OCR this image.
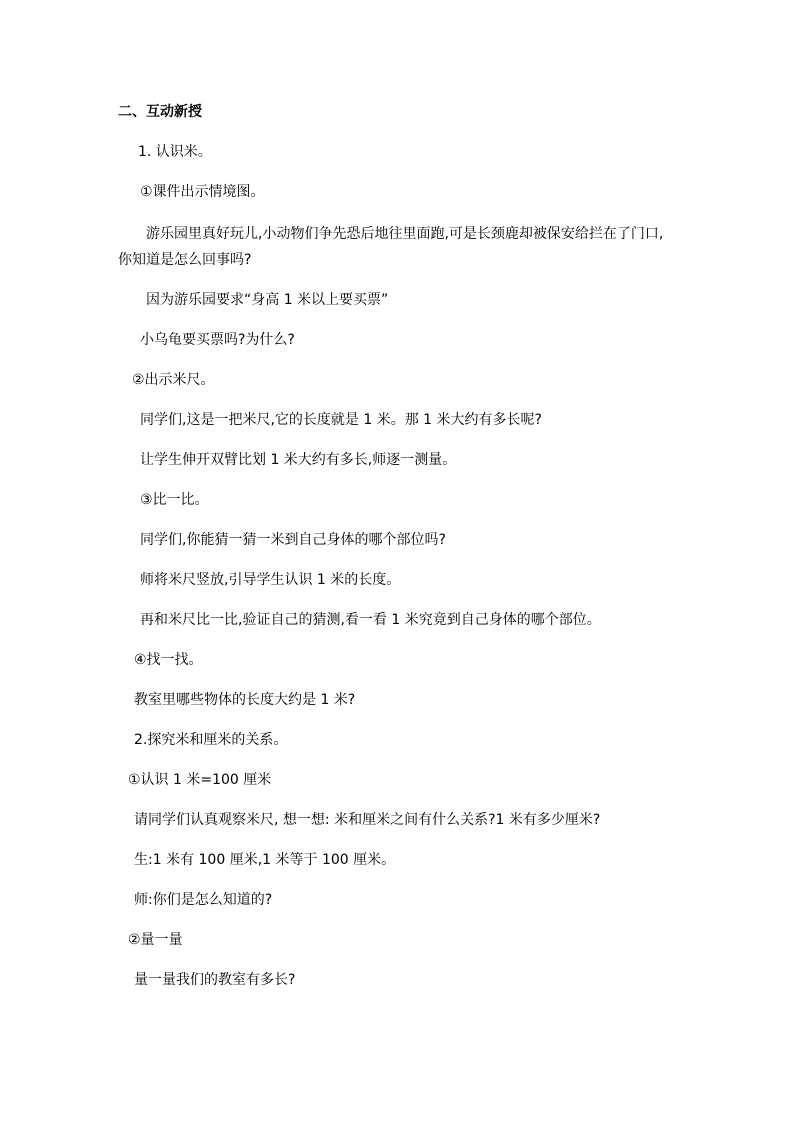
二、互动新授
1. 认识米。
①课件出示情境图。
游乐园里真好玩儿,小动物们争先恐后地往里面跑,可是长颈鹿却被保安给拦在了门口,
你知道是怎么回事吗?
因为游乐园要求“身高 1 米以上要买票”
小乌龟要买票吗?为什么?
②出示米尺。
同学们,这是一把米尺,它的长度就是 1 米。那 1 米大约有多长呢?
让学生伸开双臂比划 1 米大约有多长,师逐一测量。
③比一比。
同学们,你能猜一猜一米到自己身体的哪个部位吗?
师将米尺竖放,引导学生认识 1 米的长度。
再和米尺比一比,验证自己的猜测,看一看 1 米究竟到自己身体的哪个部位。
④找一找。
教室里哪些物体的长度大约是 1 米?
2.探究米和厘米的关系。
①认识 1 米=100 厘米
请同学们认真观察米尺, 想一想: 米和厘米之间有什么关系?1 米有多少厘米?
生:1 米有 100 厘米,1 米等于 100 厘米。
师:你们是怎么知道的?
②量一量
量一量我们的教室有多长?
